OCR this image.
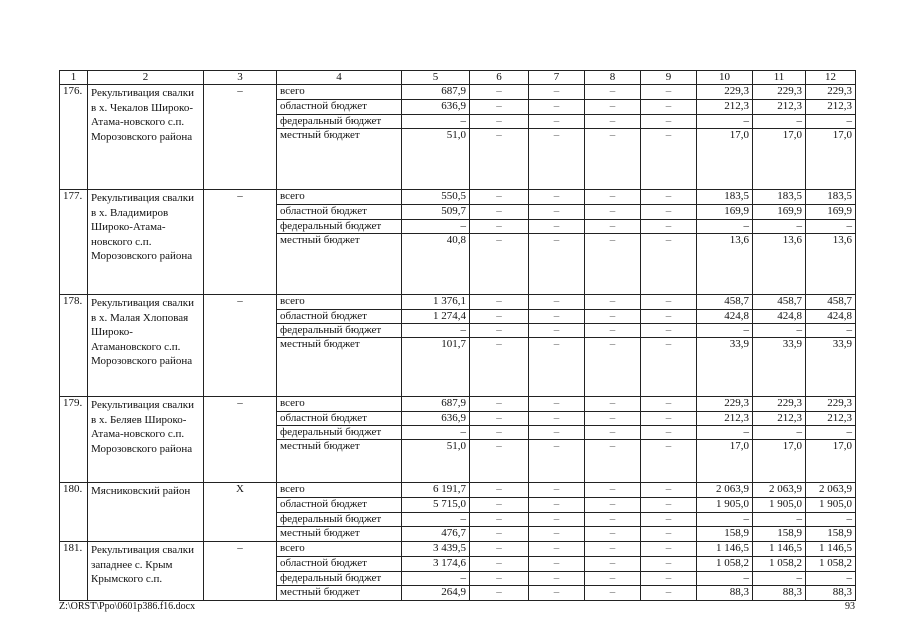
1	2	3	4	5	6	7	8	9	10	11	12
176.	Рекультивация свалки в х. Чекалов Широко-Атама-новского с.п. Морозовского района	–	всего	687,9	–	–	–	–	229,3	229,3	229,3
			областной бюджет	636,9	–	–	–	–	212,3	212,3	212,3
			федеральный бюджет	–	–	–	–	–	–	–	–
			местный бюджет	51,0	–	–	–	–	17,0	17,0	17,0
177.	Рекультивация свалки в х. Владимиров Широко-Атама-новского с.п. Морозовского района	–	всего	550,5	–	–	–	–	183,5	183,5	183,5
			областной бюджет	509,7	–	–	–	–	169,9	169,9	169,9
			федеральный бюджет	–	–	–	–	–	–	–	–
			местный бюджет	40,8	–	–	–	–	13,6	13,6	13,6
178.	Рекультивация свалки в х. Малая Хлоповая Широко-Атамановского с.п. Морозовского района	–	всего	1 376,1	–	–	–	–	458,7	458,7	458,7
			областной бюджет	1 274,4	–	–	–	–	424,8	424,8	424,8
			федеральный бюджет	–	–	–	–	–	–	–	–
			местный бюджет	101,7	–	–	–	–	33,9	33,9	33,9
179.	Рекультивация свалки в х. Беляев Широко-Атама-новского с.п. Морозовского района	–	всего	687,9	–	–	–	–	229,3	229,3	229,3
			областной бюджет	636,9	–	–	–	–	212,3	212,3	212,3
			федеральный бюджет	–	–	–	–	–	–	–	–
			местный бюджет	51,0	–	–	–	–	17,0	17,0	17,0
180.	Мясниковский район	X	всего	6 191,7	–	–	–	–	2 063,9	2 063,9	2 063,9
			областной бюджет	5 715,0	–	–	–	–	1 905,0	1 905,0	1 905,0
			федеральный бюджет	–	–	–	–	–	–	–	–
			местный бюджет	476,7	–	–	–	–	158,9	158,9	158,9
181.	Рекультивация свалки западнее с. Крым Крымского с.п.	–	всего	3 439,5	–	–	–	–	1 146,5	1 146,5	1 146,5
			областной бюджет	3 174,6	–	–	–	–	1 058,2	1 058,2	1 058,2
			федеральный бюджет	–	–	–	–	–	–	–	–
			местный бюджет	264,9	–	–	–	–	88,3	88,3	88,3
Z:\ORST\Ppo\0601p386.f16.docx	93
